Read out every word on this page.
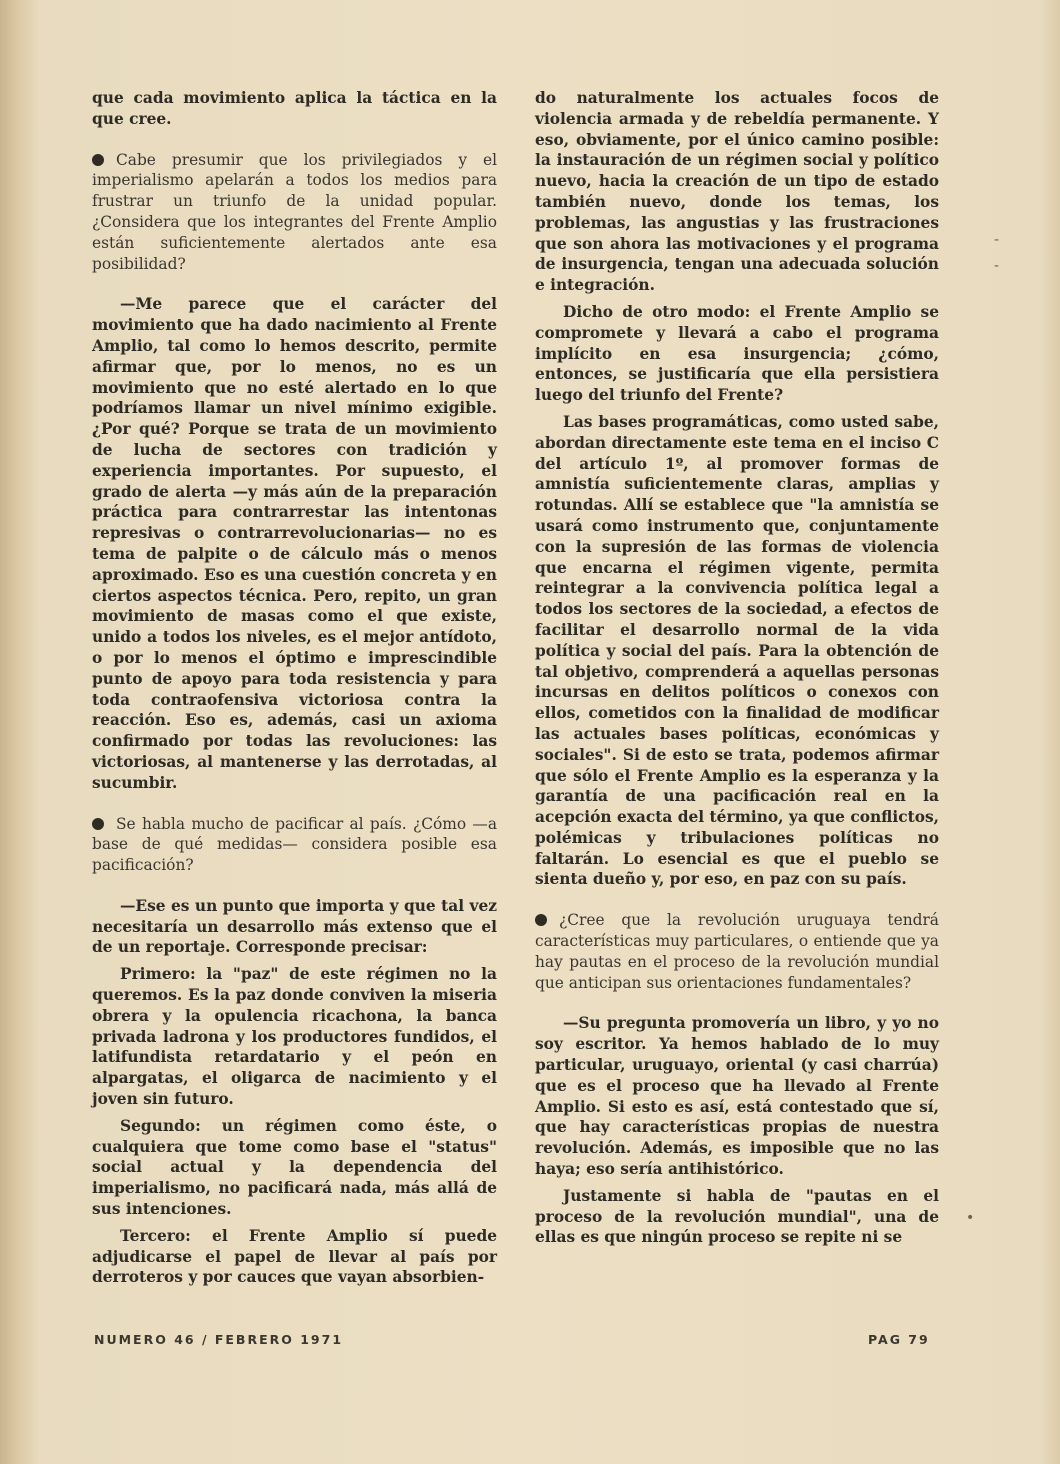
que cada movimiento aplica la táctica en la que cree.

Cabe presumir que los privilegiados y el imperialismo apelarán a todos los medios para frustrar un triunfo de la unidad popular. ¿Considera que los integrantes del Frente Amplio están suficientemente alertados ante esa posibilidad?

—Me parece que el carácter del movimiento que ha dado nacimiento al Frente Amplio, tal como lo hemos descrito, permite afirmar que, por lo menos, no es un movimiento que no esté alertado en lo que podríamos llamar un nivel mínimo exigible. ¿Por qué? Porque se trata de un movimiento de lucha de sectores con tradición y experiencia importantes. Por supuesto, el grado de alerta —y más aún de la preparación práctica para contrarrestar las intentonas represivas o contrarrevolucionarias— no es tema de palpite o de cálculo más o menos aproximado. Eso es una cuestión concreta y en ciertos aspectos técnica. Pero, repito, un gran movimiento de masas como el que existe, unido a todos los niveles, es el mejor antídoto, o por lo menos el óptimo e imprescindible punto de apoyo para toda resistencia y para toda contraofensiva victoriosa contra la reacción. Eso es, además, casi un axioma confirmado por todas las revoluciones: las victoriosas, al mantenerse y las derrotadas, al sucumbir.

Se habla mucho de pacificar al país. ¿Cómo —a base de qué medidas— considera posible esa pacificación?

—Ese es un punto que importa y que tal vez necesitaría un desarrollo más extenso que el de un reportaje. Corresponde precisar:

Primero: la "paz" de este régimen no la queremos. Es la paz donde conviven la miseria obrera y la opulencia ricachona, la banca privada ladrona y los productores fundidos, el latifundista retardatario y el peón en alpargatas, el oligarca de nacimiento y el joven sin futuro.

Segundo: un régimen como éste, o cualquiera que tome como base el "status" social actual y la dependencia del imperialismo, no pacificará nada, más allá de sus intenciones.

Tercero: el Frente Amplio sí puede adjudicarse el papel de llevar al país por derroteros y por cauces que vayan absorbien-

do naturalmente los actuales focos de violencia armada y de rebeldía permanente. Y eso, obviamente, por el único camino posible: la instauración de un régimen social y político nuevo, hacia la creación de un tipo de estado también nuevo, donde los temas, los problemas, las angustias y las frustraciones que son ahora las motivaciones y el programa de insurgencia, tengan una adecuada solución e integración.

Dicho de otro modo: el Frente Amplio se compromete y llevará a cabo el programa implícito en esa insurgencia; ¿cómo, entonces, se justificaría que ella persistiera luego del triunfo del Frente?

Las bases programáticas, como usted sabe, abordan directamente este tema en el inciso C del artículo 1º, al promover formas de amnistía suficientemente claras, amplias y rotundas. Allí se establece que "la amnistía se usará como instrumento que, conjuntamente con la supresión de las formas de violencia que encarna el régimen vigente, permita reintegrar a la convivencia política legal a todos los sectores de la sociedad, a efectos de facilitar el desarrollo normal de la vida política y social del país. Para la obtención de tal objetivo, comprenderá a aquellas personas incursas en delitos políticos o conexos con ellos, cometidos con la finalidad de modificar las actuales bases políticas, económicas y sociales". Si de esto se trata, podemos afirmar que sólo el Frente Amplio es la esperanza y la garantía de una pacificación real en la acepción exacta del término, ya que conflictos, polémicas y tribulaciones políticas no faltarán. Lo esencial es que el pueblo se sienta dueño y, por eso, en paz con su país.

¿Cree que la revolución uruguaya tendrá características muy particulares, o entiende que ya hay pautas en el proceso de la revolución mundial que anticipan sus orientaciones fundamentales?

—Su pregunta promovería un libro, y yo no soy escritor. Ya hemos hablado de lo muy particular, uruguayo, oriental (y casi charrúa) que es el proceso que ha llevado al Frente Amplio. Si esto es así, está contestado que sí, que hay características propias de nuestra revolución. Además, es imposible que no las haya; eso sería antihistórico.

Justamente si habla de "pautas en el proceso de la revolución mundial", una de ellas es que ningún proceso se repite ni se

NUMERO 46 / FEBRERO 1971	PAG 79
-
-
•
